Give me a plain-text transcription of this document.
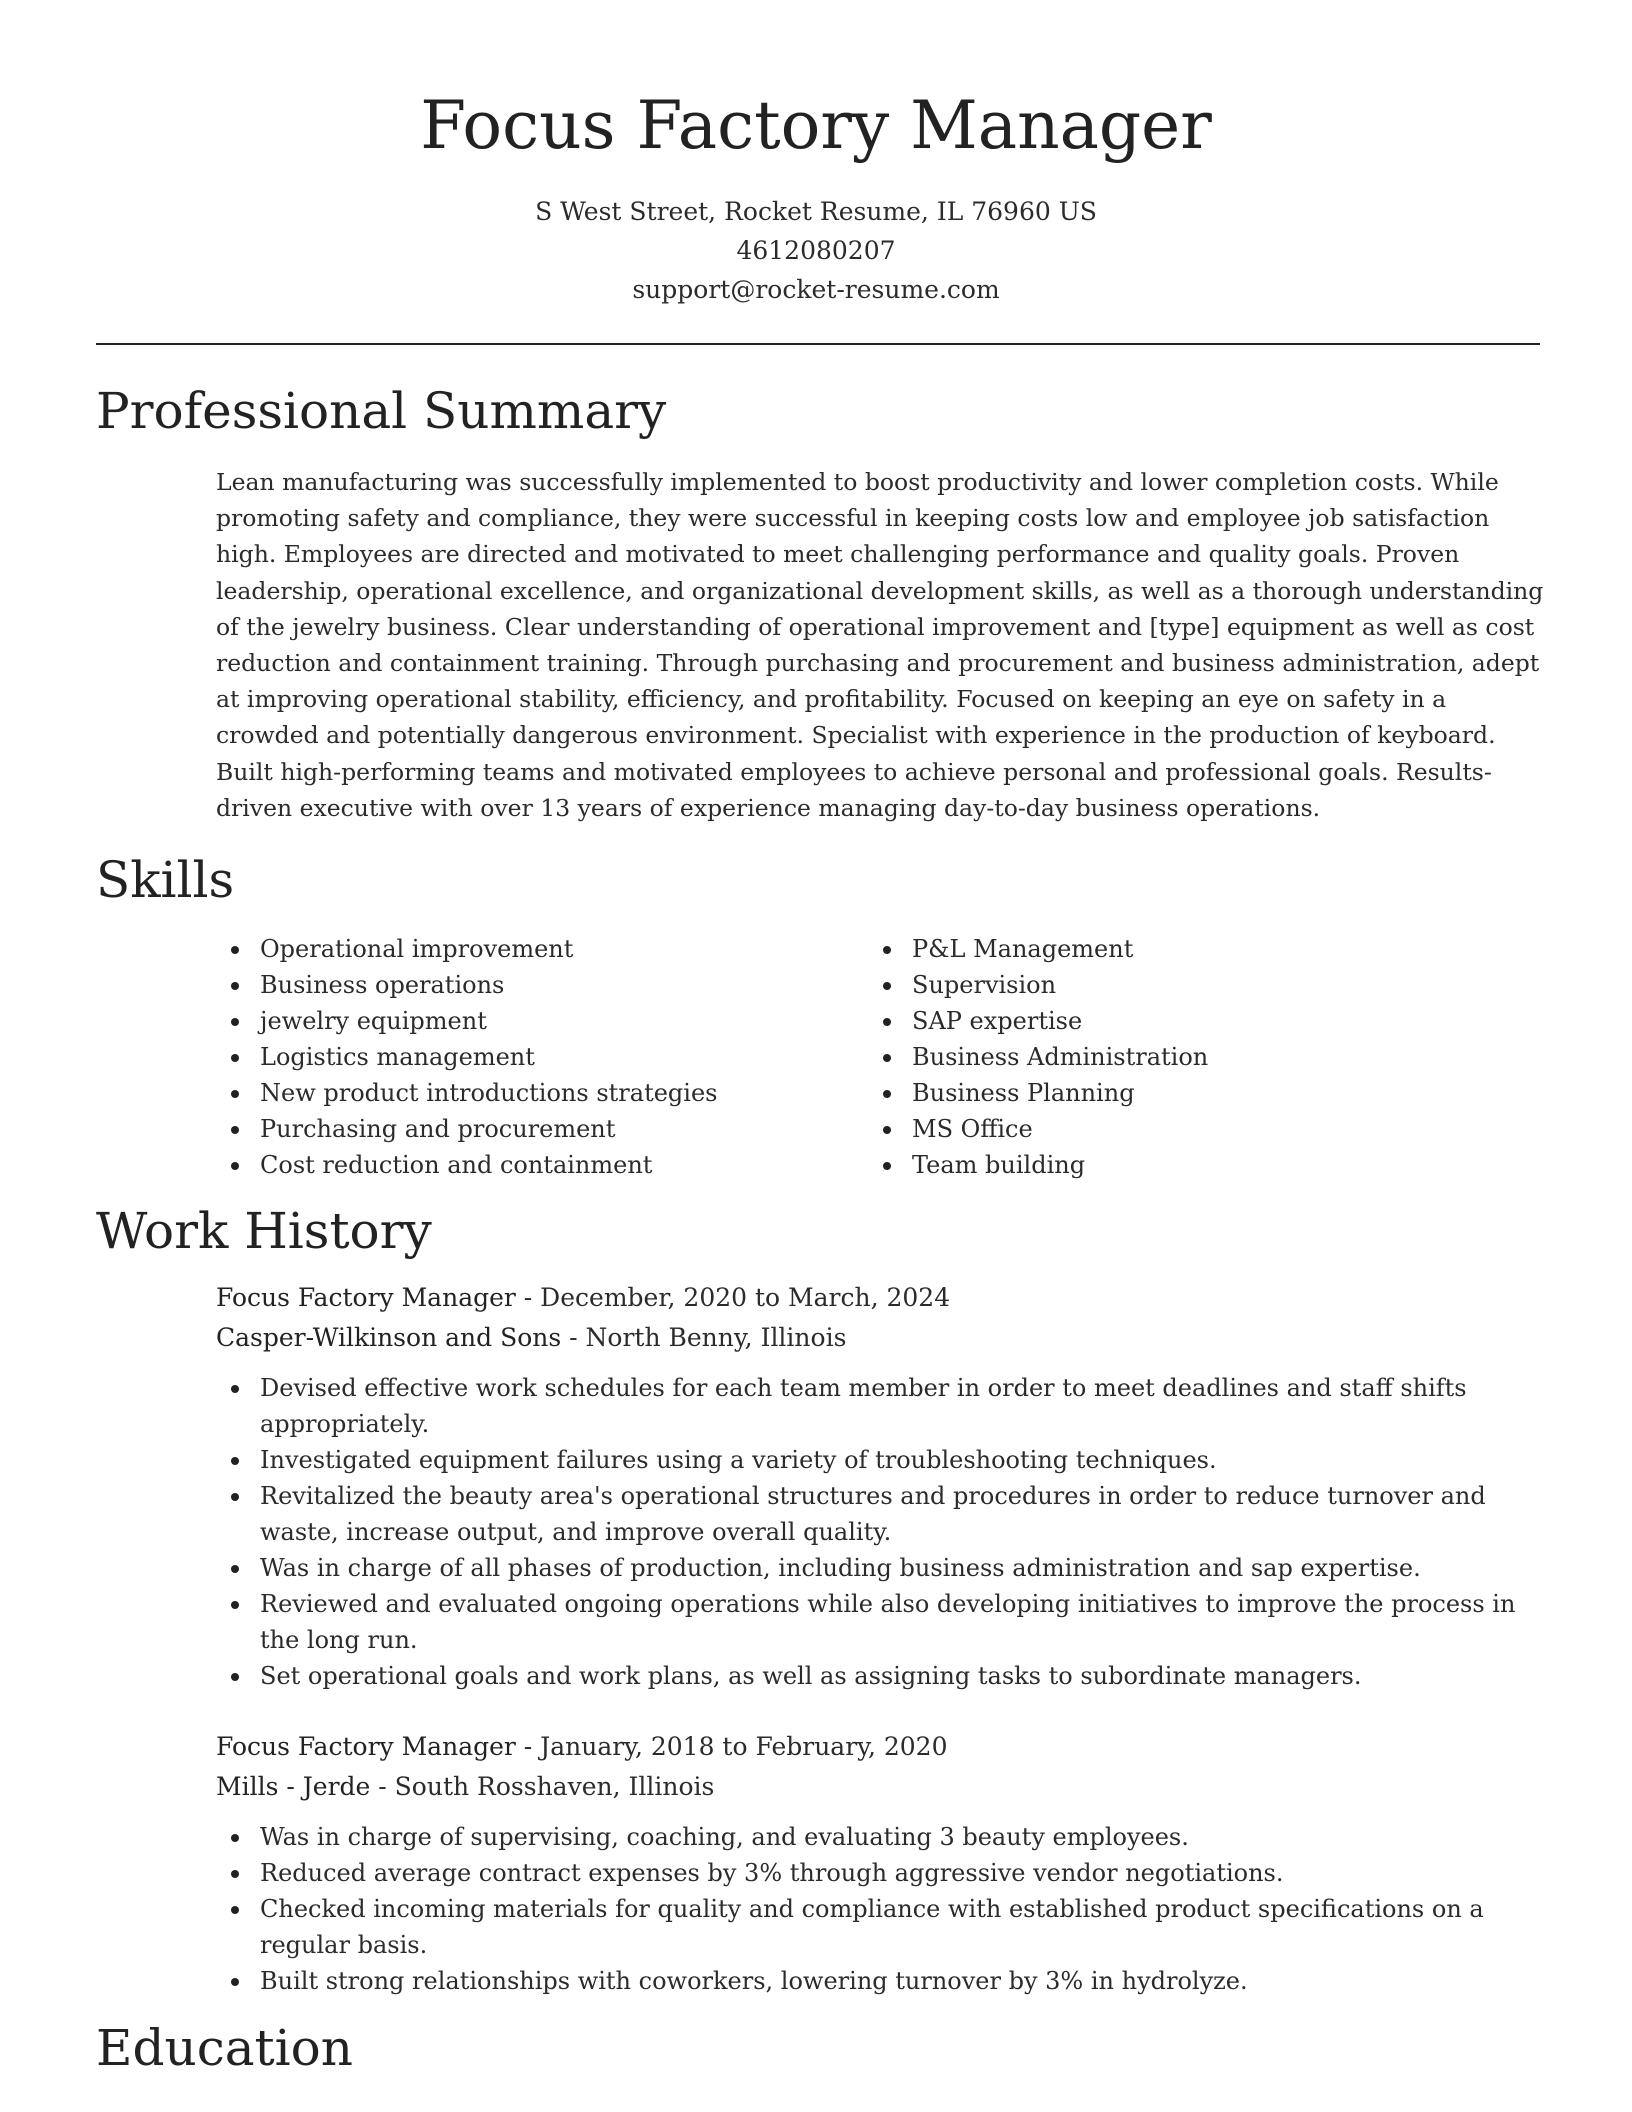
Focus Factory Manager
S West Street, Rocket Resume, IL 76960 US
4612080207
support@rocket-resume.com
Professional Summary

Lean manufacturing was successfully implemented to boost productivity and lower completion costs. While promoting safety and compliance, they were successful in keeping costs low and employee job satisfaction high. Employees are directed and motivated to meet challenging performance and quality goals. Proven leadership, operational excellence, and organizational development skills, as well as a thorough understanding of the jewelry business. Clear understanding of operational improvement and [type] equipment as well as cost reduction and containment training. Through purchasing and procurement and business administration, adept at improving operational stability, efficiency, and profitability. Focused on keeping an eye on safety in a crowded and potentially dangerous environment. Specialist with experience in the production of keyboard. Built high-performing teams and motivated employees to achieve personal and professional goals. Results-driven executive with over 13 years of experience managing day-to-day business operations.

Skills
Operational improvement
Business operations
jewelry equipment
Logistics management
New product introductions strategies
Purchasing and procurement
Cost reduction and containment
P&L Management
Supervision
SAP expertise
Business Administration
Business Planning
MS Office
Team building
Work History
Focus Factory Manager - December, 2020 to March, 2024
Casper-Wilkinson and Sons - North Benny, Illinois
Devised effective work schedules for each team member in order to meet deadlines and staff shifts appropriately.
Investigated equipment failures using a variety of troubleshooting techniques.
Revitalized the beauty area's operational structures and procedures in order to reduce turnover and waste, increase output, and improve overall quality.
Was in charge of all phases of production, including business administration and sap expertise.
Reviewed and evaluated ongoing operations while also developing initiatives to improve the process in the long run.
Set operational goals and work plans, as well as assigning tasks to subordinate managers.
Focus Factory Manager - January, 2018 to February, 2020
Mills - Jerde - South Rosshaven, Illinois
Was in charge of supervising, coaching, and evaluating 3 beauty employees.
Reduced average contract expenses by 3% through aggressive vendor negotiations.
Checked incoming materials for quality and compliance with established product specifications on a regular basis.
Built strong relationships with coworkers, lowering turnover by 3% in hydrolyze.
Education
